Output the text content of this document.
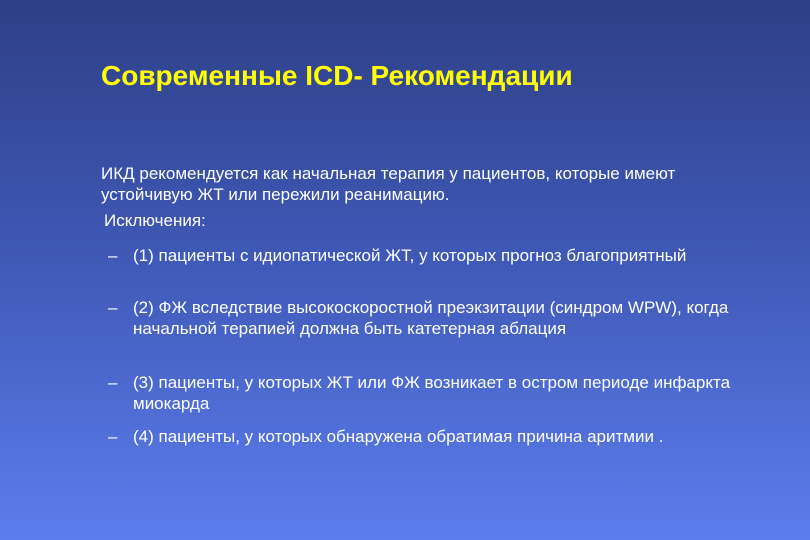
Современные ICD- Рекомендации
ИКД рекомендуется как начальная терапия у пациентов, которые имеют устойчивую ЖТ или пережили реанимацию.
Исключения:
– (1) пациенты с идиопатической ЖТ, у которых прогноз благоприятный
– (2) ФЖ вследствие высокоскоростной преэкзитации (синдром WPW), когда начальной терапией должна быть катетерная аблация
– (3) пациенты, у которых ЖТ или ФЖ возникает в остром периоде инфаркта миокарда
– (4) пациенты, у которых обнаружена обратимая причина аритмии .
